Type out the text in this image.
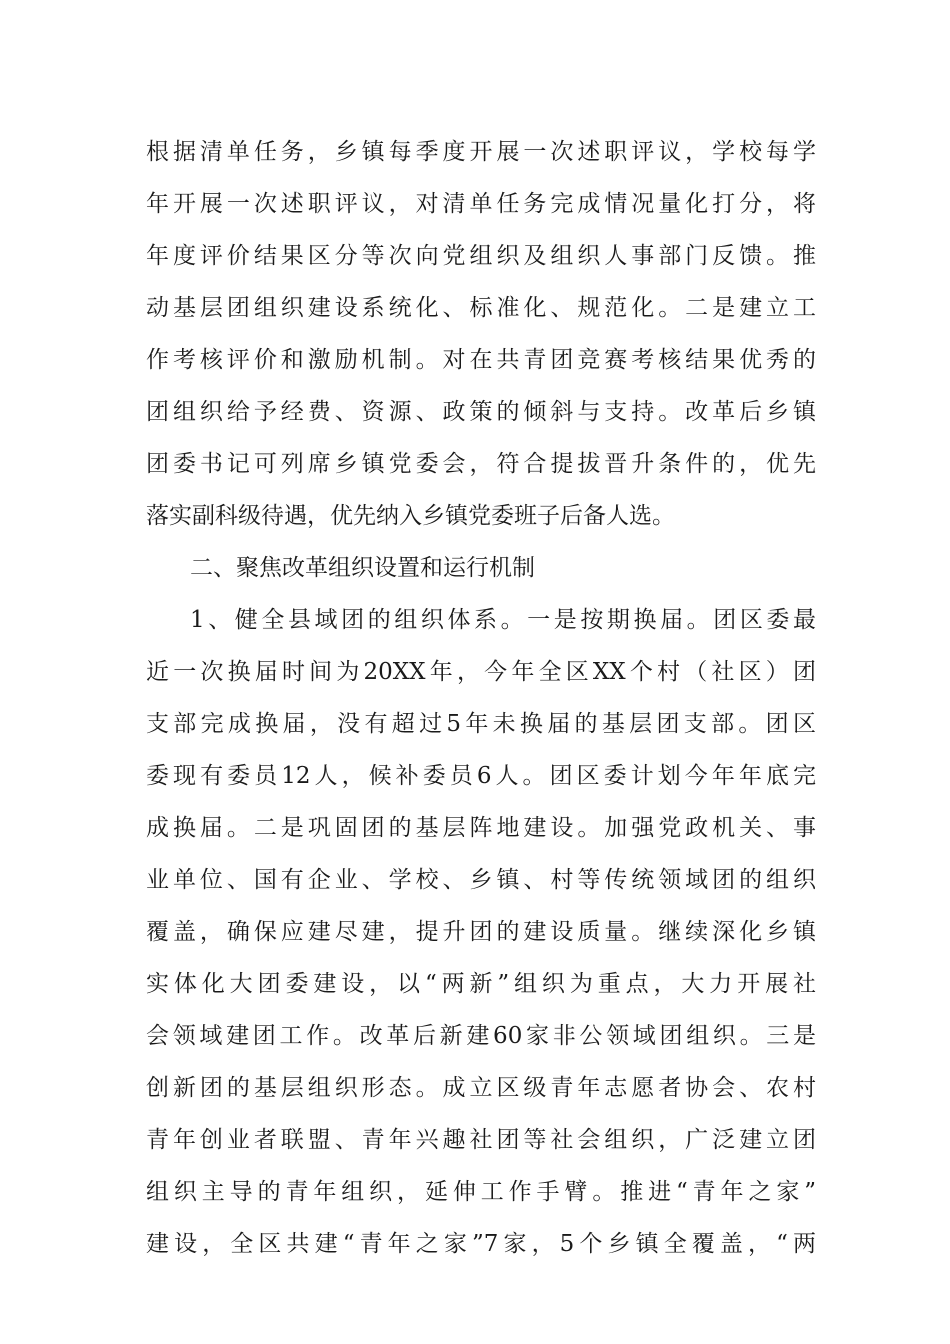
根据清单任务，乡镇每季度开展一次述职评议，学校每学
年开展一次述职评议，对清单任务完成情况量化打分，将
年度评价结果区分等次向党组织及组织人事部门反馈。推
动基层团组织建设系统化、标准化、规范化。二是建立工
作考核评价和激励机制。对在共青团竞赛考核结果优秀的
团组织给予经费、资源、政策的倾斜与支持。改革后乡镇
团委书记可列席乡镇党委会，符合提拔晋升条件的，优先
落实副科级待遇，优先纳入乡镇党委班子后备人选。
二、聚焦改革组织设置和运行机制
1、健全县域团的组织体系。一是按期换届。团区委最
近一次换届时间为20XX年，今年全区XX个村（社区）团
支部完成换届，没有超过5年未换届的基层团支部。团区
委现有委员12人，候补委员6人。团区委计划今年年底完
成换届。二是巩固团的基层阵地建设。加强党政机关、事
业单位、国有企业、学校、乡镇、村等传统领域团的组织
覆盖，确保应建尽建，提升团的建设质量。继续深化乡镇
实体化大团委建设，以“两新”组织为重点，大力开展社
会领域建团工作。改革后新建60家非公领域团组织。三是
创新团的基层组织形态。成立区级青年志愿者协会、农村
青年创业者联盟、青年兴趣社团等社会组织，广泛建立团
组织主导的青年组织，延伸工作手臂。推进“青年之家”
建设，全区共建“青年之家”7家，5个乡镇全覆盖，“两
